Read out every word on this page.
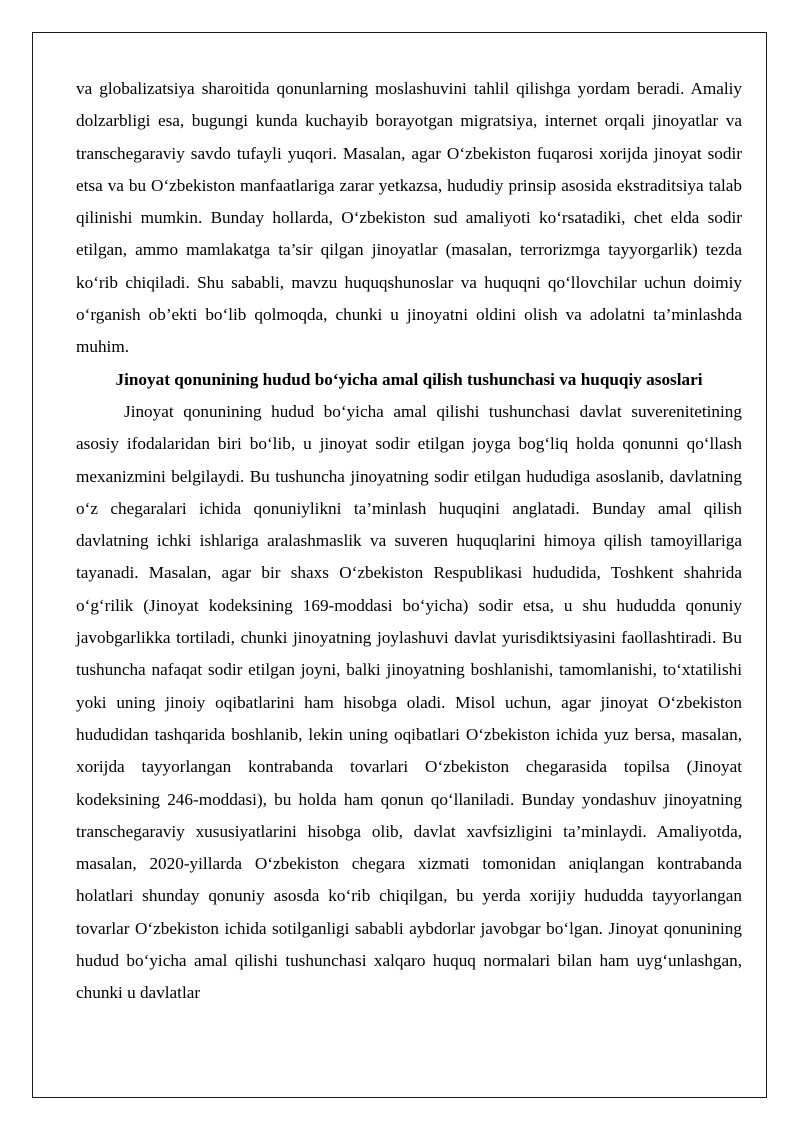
va globalizatsiya sharoitida qonunlarning moslashuvini tahlil qilishga yordam beradi. Amaliy dolzarbligi esa, bugungi kunda kuchayib borayotgan migratsiya, internet orqali jinoyatlar va transchegaraviy savdo tufayli yuqori. Masalan, agar O‘zbekiston fuqarosi xorijda jinoyat sodir etsa va bu O‘zbekiston manfaatlariga zarar yetkazsa, hududiy prinsip asosida ekstraditsiya talab qilinishi mumkin. Bunday hollarda, O‘zbekiston sud amaliyoti ko‘rsatadiki, chet elda sodir etilgan, ammo mamlakatga ta’sir qilgan jinoyatlar (masalan, terrorizmga tayyorgarlik) tezda ko‘rib chiqiladi. Shu sababli, mavzu huquqshunoslar va huquqni qo‘llovchilar uchun doimiy o‘rganish ob’ekti bo‘lib qolmoqda, chunki u jinoyatni oldini olish va adolatni ta’minlashda muhim.

Jinoyat qonunining hudud bo‘yicha amal qilish tushunchasi va huquqiy asoslari

Jinoyat qonunining hudud bo‘yicha amal qilishi tushunchasi davlat suverenitetining asosiy ifodalaridan biri bo‘lib, u jinoyat sodir etilgan joyga bog‘liq holda qonunni qo‘llash mexanizmini belgilaydi. Bu tushuncha jinoyatning sodir etilgan hududiga asoslanib, davlatning o‘z chegaralari ichida qonuniylikni ta’minlash huquqini anglatadi. Bunday amal qilish davlatning ichki ishlariga aralashmaslik va suveren huquqlarini himoya qilish tamoyillariga tayanadi. Masalan, agar bir shaxs O‘zbekiston Respublikasi hududida, Toshkent shahrida o‘g‘rilik (Jinoyat kodeksining 169-moddasi bo‘yicha) sodir etsa, u shu hududda qonuniy javobgarlikka tortiladi, chunki jinoyatning joylashuvi davlat yurisdiktsiyasini faollashtiradi. Bu tushuncha nafaqat sodir etilgan joyni, balki jinoyatning boshlanishi, tamomlanishi, to‘xtatilishi yoki uning jinoiy oqibatlarini ham hisobga oladi. Misol uchun, agar jinoyat O‘zbekiston hududidan tashqarida boshlanib, lekin uning oqibatlari O‘zbekiston ichida yuz bersa, masalan, xorijda tayyorlangan kontrabanda tovarlari O‘zbekiston chegarasida topilsa (Jinoyat kodeksining 246-moddasi), bu holda ham qonun qo‘llaniladi. Bunday yondashuv jinoyatning transchegaraviy xususiyatlarini hisobga olib, davlat xavfsizligini ta’minlaydi. Amaliyotda, masalan, 2020-yillarda O‘zbekiston chegara xizmati tomonidan aniqlangan kontrabanda holatlari shunday qonuniy asosda ko‘rib chiqilgan, bu yerda xorijiy hududda tayyorlangan tovarlar O‘zbekiston ichida sotilganligi sababli aybdorlar javobgar bo‘lgan. Jinoyat qonunining hudud bo‘yicha amal qilishi tushunchasi xalqaro huquq normalari bilan ham uyg‘unlashgan, chunki u davlatlar
